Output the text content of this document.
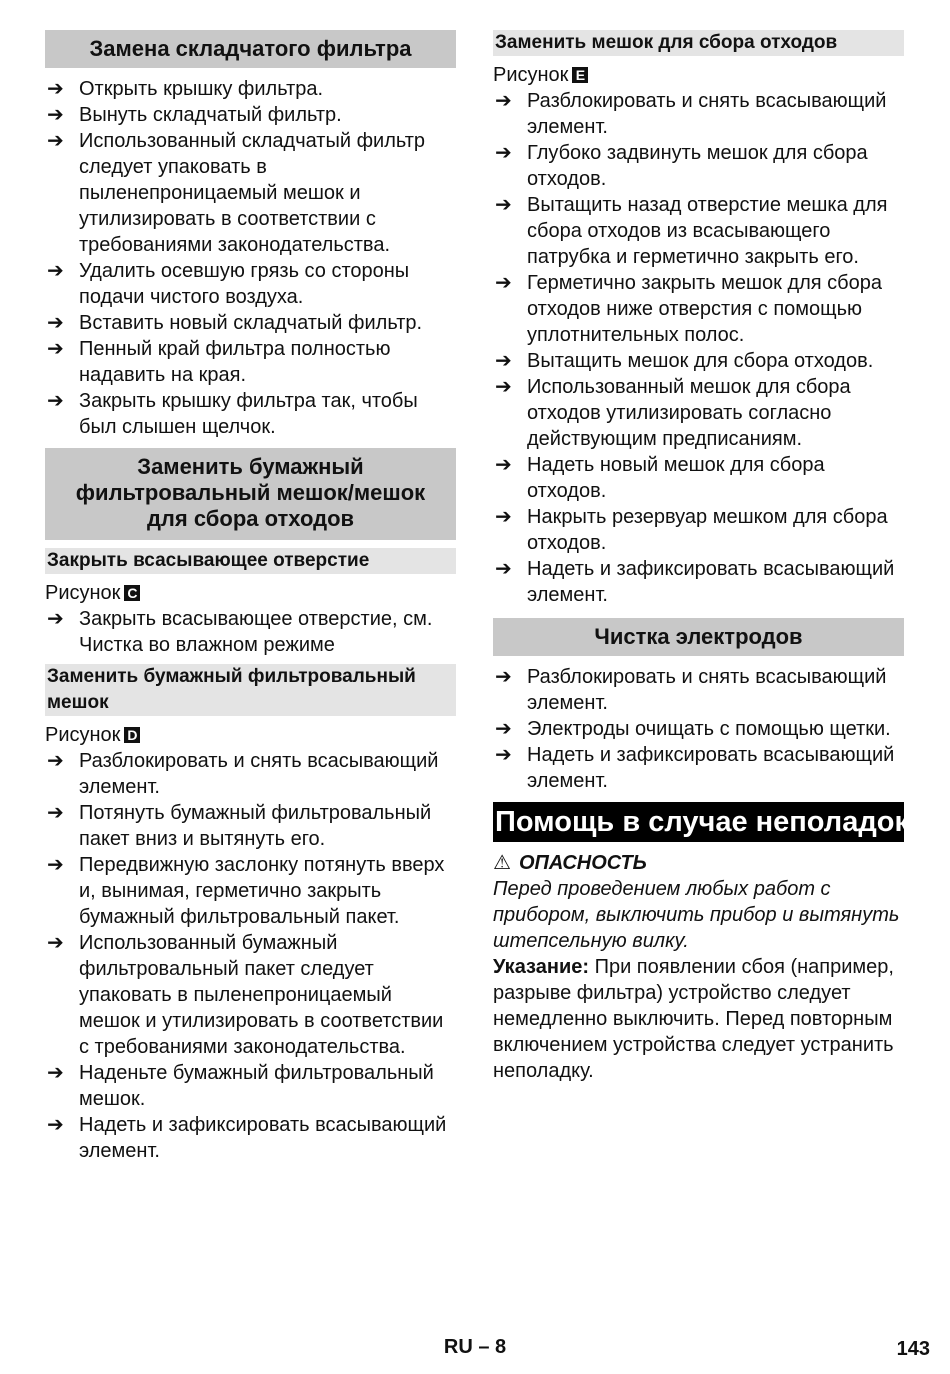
Замена складчатого фильтра
➔ Открыть крышку фильтра.
➔ Вынуть складчатый фильтр.
➔ Использованный складчатый фильтр следует упаковать в пыленепроницаемый мешок и утилизировать в соответствии с требованиями законодательства.
➔ Удалить осевшую грязь со стороны подачи чистого воздуха.
➔ Вставить новый складчатый фильтр.
➔ Пенный край фильтра полностью надавить на края.
➔ Закрыть крышку фильтра так, чтобы был слышен щелчок.
Заменить бумажный фильтровальный мешок/мешок для сбора отходов
Закрыть всасывающее отверстие
Рисунок C
➔ Закрыть всасывающее отверстие, см. Чистка во влажном режиме
Заменить бумажный фильтровальный мешок
Рисунок D
➔ Разблокировать и снять всасывающий элемент.
➔ Потянуть бумажный фильтровальный пакет вниз и вытянуть его.
➔ Передвижную заслонку потянуть вверх и, вынимая, герметично закрыть бумажный фильтровальный пакет.
➔ Использованный бумажный фильтровальный пакет следует упаковать в пыленепроницаемый мешок и утилизировать в соответствии с требованиями законодательства.
➔ Наденьте бумажный фильтровальный мешок.
➔ Надеть и зафиксировать всасывающий элемент.
Заменить мешок для сбора отходов
Рисунок E
➔ Разблокировать и снять всасывающий элемент.
➔ Глубоко задвинуть мешок для сбора отходов.
➔ Вытащить назад отверстие мешка для сбора отходов из всасывающего патрубка и герметично закрыть его.
➔ Герметично закрыть мешок для сбора отходов ниже отверстия с помощью уплотнительных полос.
➔ Вытащить мешок для сбора отходов.
➔ Использованный мешок для сбора отходов утилизировать согласно действующим предписаниям.
➔ Надеть новый мешок для сбора отходов.
➔ Накрыть резервуар мешком для сбора отходов.
➔ Надеть и зафиксировать всасывающий элемент.
Чистка электродов
➔ Разблокировать и снять всасывающий элемент.
➔ Электроды очищать с помощью щетки.
➔ Надеть и зафиксировать всасывающий элемент.
Помощь в случае неполадок
⚠ ОПАСНОСТЬ

Перед проведением любых работ с прибором, выключить прибор и вытянуть штепсельную вилку.

Указание: При появлении сбоя (например, разрыве фильтра) устройство следует немедленно выключить. Перед повторным включением устройства следует устранить неполадку.

RU – 8	143
